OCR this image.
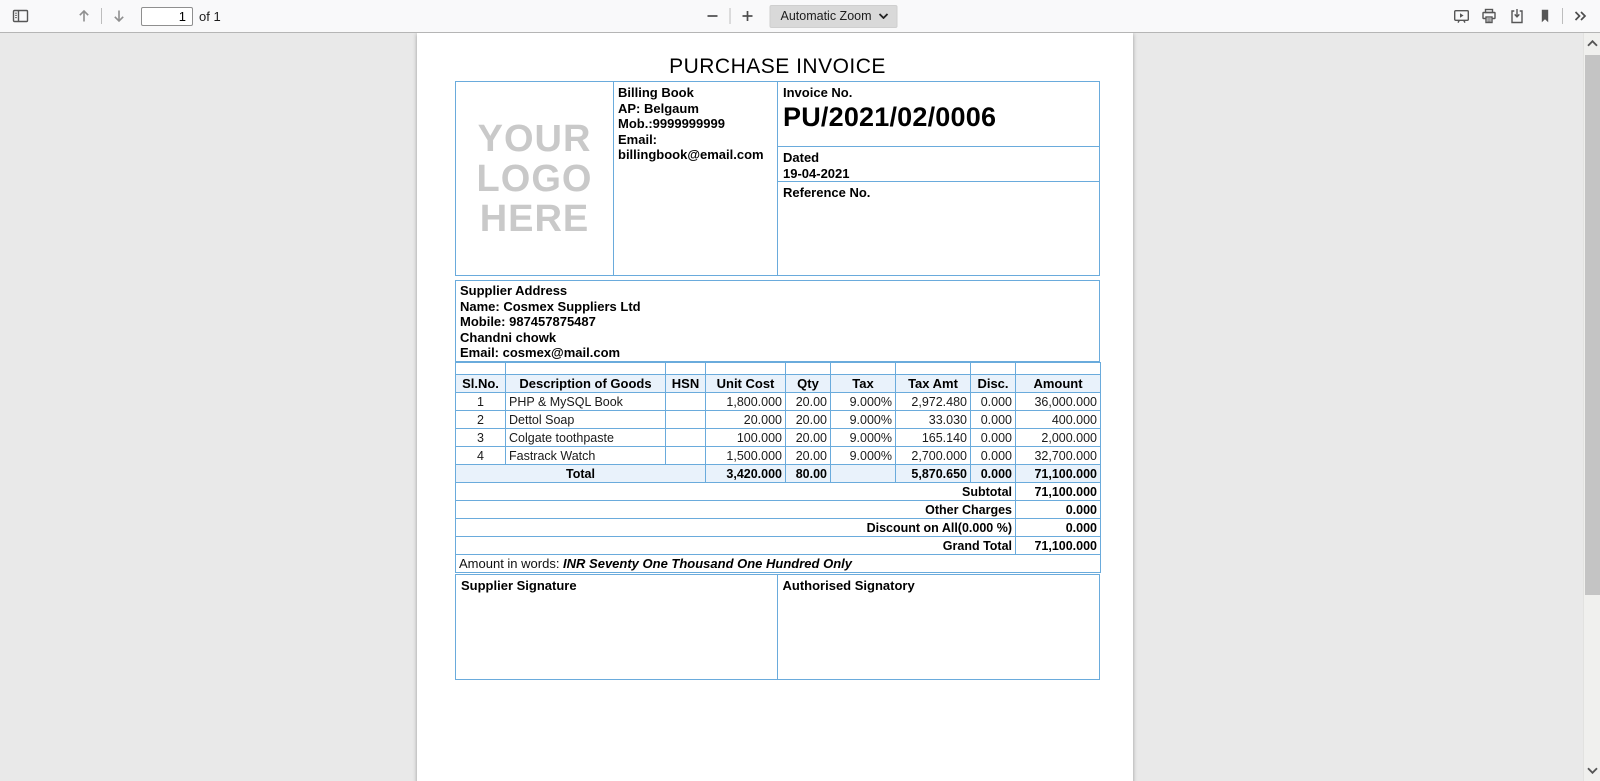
1
of 1	Automatic Zoom
PURCHASE INVOICE
YOUR
LOGO
HERE
Billing Book
AP: Belgaum
Mob.:9999999999
Email:
billingbook@email.com
Invoice No.
PU/2021/02/0006
Dated
19-04-2021
Reference No.
Supplier Address
Name: Cosmex Suppliers Ltd
Mobile: 987457875487
Chandni chowk
Email: cosmex@mail.com

Sl.No.	Description of Goods	HSN	Unit Cost	Qty	Tax	Tax Amt	Disc.	Amount
1	PHP & MySQL Book		1,800.000	20.00	9.000%	2,972.480	0.000	36,000.000
2	Dettol Soap		20.000	20.00	9.000%	33.030	0.000	400.000
3	Colgate toothpaste		100.000	20.00	9.000%	165.140	0.000	2,000.000
4	Fastrack Watch		1,500.000	20.00	9.000%	2,700.000	0.000	32,700.000
Total			3,420.000	80.00		5,870.650	0.000	71,100.000
Subtotal								71,100.000
Other Charges								0.000
Discount on All(0.000 %)								0.000
Grand Total								71,100.000
Amount in words: INR Seventy One Thousand One Hundred Only								
Supplier Signature	Authorised Signatory
